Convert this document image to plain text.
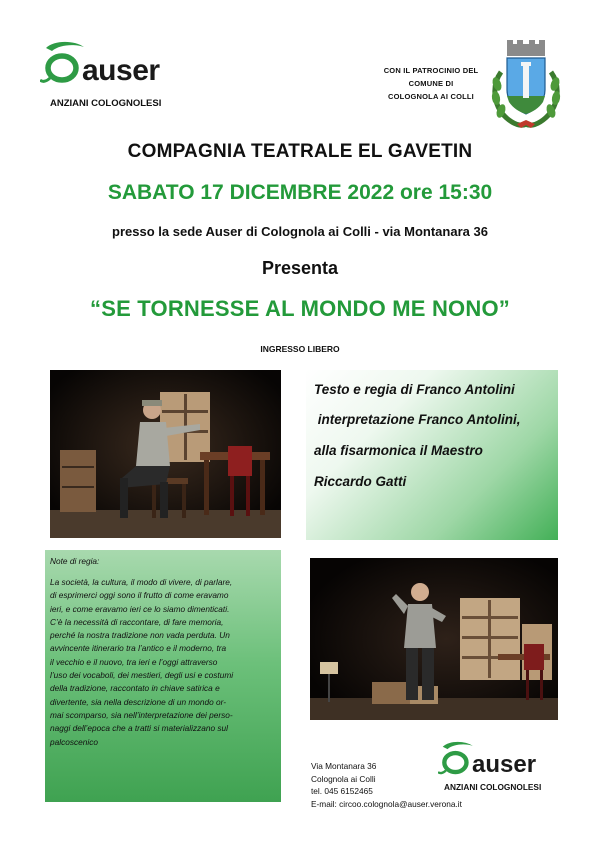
auser
ANZIANI COLOGNOLESI
CON IL PATROCINIO DEL
COMUNE DI
COLOGNOLA AI COLLI
COMPAGNIA TEATRALE EL GAVETIN
SABATO 17 DICEMBRE 2022 ore 15:30
presso la sede Auser di Colognola ai Colli - via Montanara 36
Presenta
“SE TORNESSE AL MONDO ME NONO”
INGRESSO LIBERO
Testo e regia di Franco Antolini
interpretazione Franco Antolini,
alla fisarmonica il Maestro
Riccardo Gatti
Note di regia:
La società, la cultura, il modo di vivere, di parlare,
di esprimerci oggi sono il frutto di come eravamo
ieri, e come eravamo ieri ce lo siamo dimenticati.
C’è la necessità di raccontare, di fare memoria,
perché la nostra tradizione non vada perduta. Un
avvincente itinerario tra l’antico e il moderno, tra
il vecchio e il nuovo, tra ieri e l’oggi attraverso
l’uso dei vocaboli, dei mestieri, degli usi e costumi
della tradizione, raccontato in chiave satirica e
divertente, sia nella descrizione di un mondo or-
mai scomparso, sia nell’interpretazione dei perso-
naggi dell’epoca che a tratti si materializzano sul
palcoscenico
Via Montanara 36
Colognola ai Colli
tel. 045 6152465
E-mail: circoo.colognola@auser.verona.it
auser
ANZIANI COLOGNOLESI
